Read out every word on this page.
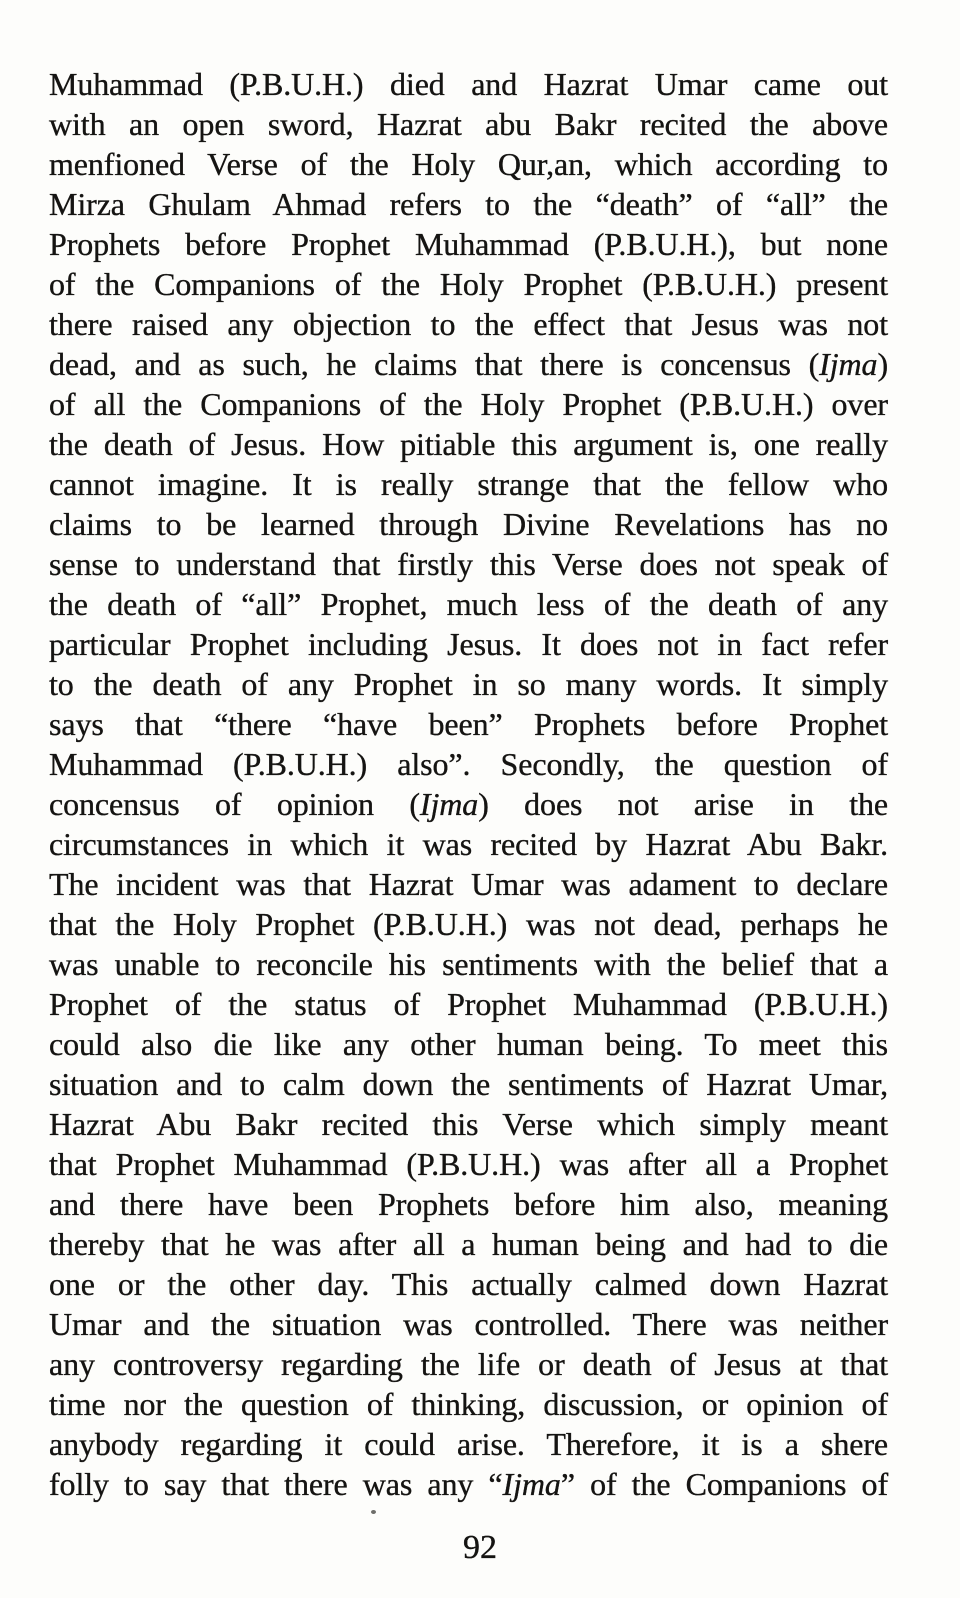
Muhammad (P.B.U.H.) died and Hazrat Umar came out
with an open sword, Hazrat abu Bakr recited the above
menfioned Verse of the Holy Qur,an, which according to
Mirza Ghulam Ahmad refers to the “death” of “all” the
Prophets before Prophet Muhammad (P.B.U.H.), but none
of the Companions of the Holy Prophet (P.B.U.H.) present
there raised any objection to the effect that Jesus was not
dead, and as such, he claims that there is concensus (Ijma)
of all the Companions of the Holy Prophet (P.B.U.H.) over
the death of Jesus. How pitiable this argument is, one really
cannot imagine. It is really strange that the fellow who
claims to be learned through Divine Revelations has no
sense to understand that firstly this Verse does not speak of
the death of “all” Prophet, much less of the death of any
particular Prophet including Jesus. It does not in fact refer
to the death of any Prophet in so many words. It simply
says that “there “have been” Prophets before Prophet
Muhammad (P.B.U.H.) also”. Secondly, the question of
concensus of opinion (Ijma) does not arise in the
circumstances in which it was recited by Hazrat Abu Bakr.
The incident was that Hazrat Umar was adament to declare
that the Holy Prophet (P.B.U.H.) was not dead, perhaps he
was unable to reconcile his sentiments with the belief that a
Prophet of the status of Prophet Muhammad (P.B.U.H.)
could also die like any other human being. To meet this
situation and to calm down the sentiments of Hazrat Umar,
Hazrat Abu Bakr recited this Verse which simply meant
that Prophet Muhammad (P.B.U.H.) was after all a Prophet
and there have been Prophets before him also, meaning
thereby that he was after all a human being and had to die
one or the other day. This actually calmed down Hazrat
Umar and the situation was controlled. There was neither
any controversy regarding the life or death of Jesus at that
time nor the question of thinking, discussion, or opinion of
anybody regarding it could arise. Therefore, it is a shere
folly to say that there was any “Ijma” of the Companions of
92
